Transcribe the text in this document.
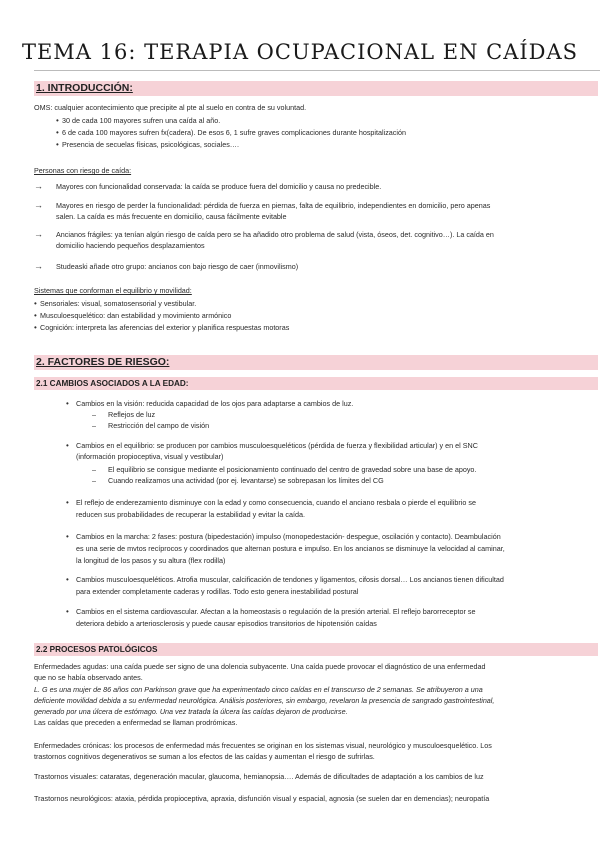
TEMA 16: TERAPIA OCUPACIONAL EN CAÍDAS
1. INTRODUCCIÓN:
OMS: cualquier acontecimiento que precipite al pte al suelo en contra de su voluntad.
• 30 de cada 100 mayores sufren una caída al año.
• 6 de cada 100 mayores sufren fx(cadera). De esos 6, 1 sufre graves complicaciones durante hospitalización
• Presencia de secuelas físicas, psicológicas, sociales….
Personas con riesgo de caída:
→ Mayores con funcionalidad conservada: la caída se produce fuera del domicilio y causa no predecible.
→ Mayores en riesgo de perder la funcionalidad: pérdida de fuerza en piernas, falta de equilibrio, independientes en domicilio, pero apenas
salen. La caída es más frecuente en domicilio, causa fácilmente evitable
→ Ancianos frágiles: ya tenían algún riesgo de caída pero se ha añadido otro problema de salud (vista, óseos, det. cognitivo…). La caída en
domicilio haciendo pequeños desplazamientos
→ Studeaski añade otro grupo: ancianos con bajo riesgo de caer (inmovilismo)
Sistemas que conforman el equilibrio y movilidad:
• Sensoriales: visual, somatosensorial y vestibular.
• Musculoesquelético: dan estabilidad y movimiento armónico
• Cognición: interpreta las aferencias del exterior y planifica respuestas motoras
2. FACTORES DE RIESGO:
2.1 CAMBIOS ASOCIADOS A LA EDAD:
• Cambios en la visión: reducida capacidad de los ojos para adaptarse a cambios de luz.
– Reflejos de luz
– Restricción del campo de visión
• Cambios en el equilibrio: se producen por cambios musculoesqueléticos (pérdida de fuerza y flexibilidad articular) y en el SNC
(información propioceptiva, visual y vestibular)
– El equilibrio se consigue mediante el posicionamiento continuado del centro de gravedad sobre una base de apoyo.
– Cuando realizamos una actividad (por ej. levantarse) se sobrepasan los límites del CG
• El reflejo de enderezamiento disminuye con la edad y como consecuencia, cuando el anciano resbala o pierde el equilibrio se
reducen sus probabilidades de recuperar la estabilidad y evitar la caída.
• Cambios en la marcha: 2 fases: postura (bipedestación) impulso (monopedestación- despegue, oscilación y contacto). Deambulación
es una serie de mvtos recíprocos y coordinados que alternan postura e impulso. En los ancianos se disminuye la velocidad al caminar,
la longitud de los pasos y su altura (flex rodilla)
• Cambios musculoesqueléticos. Atrofia muscular, calcificación de tendones y ligamentos, cifosis dorsal… Los ancianos tienen dificultad
para extender completamente caderas y rodillas. Todo esto genera inestabilidad postural
• Cambios en el sistema cardiovascular. Afectan a la homeostasis o regulación de la presión arterial. El reflejo barorreceptor se
deteriora debido a arteriosclerosis y puede causar episodios transitorios de hipotensión caídas
2.2 PROCESOS PATOLÓGICOS
Enfermedades agudas: una caída puede ser signo de una dolencia subyacente. Una caída puede provocar el diagnóstico de una enfermedad
que no se había observado antes.
L. G es una mujer de 86 años con Parkinson grave que ha experimentado cinco caídas en el transcurso de 2 semanas. Se atribuyeron a una
deficiente movilidad debida a su enfermedad neurológica. Análisis posteriores, sin embargo, revelaron la presencia de sangrado gastrointestinal,
generado por una úlcera de estómago. Una vez tratada la úlcera las caídas dejaron de producirse.
Las caídas que preceden a enfermedad se llaman prodrómicas.
Enfermedades crónicas: los procesos de enfermedad más frecuentes se originan en los sistemas visual, neurológico y musculoesquelético. Los
trastornos cognitivos degenerativos se suman a los efectos de las caídas y aumentan el riesgo de sufrirlas.
Trastornos visuales: cataratas, degeneración macular, glaucoma, hemianopsia…. Además de dificultades de adaptación a los cambios de luz
Trastornos neurológicos: ataxia, pérdida propioceptiva, apraxia, disfunción visual y espacial, agnosia (se suelen dar en demencias); neuropatía
